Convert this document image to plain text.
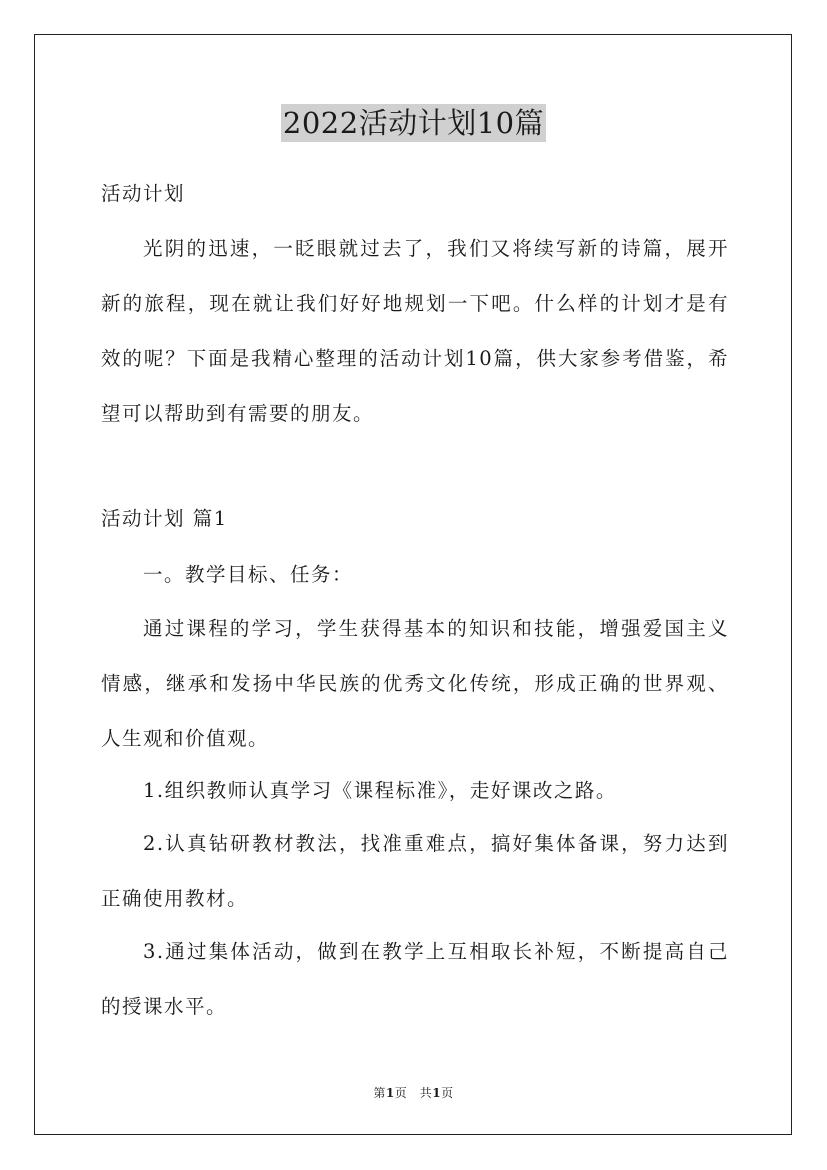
2022活动计划10篇
活动计划
光阴的迅速，一眨眼就过去了，我们又将续写新的诗篇，展开新的旅程，现在就让我们好好地规划一下吧。什么样的计划才是有效的呢？下面是我精心整理的活动计划10篇，供大家参考借鉴，希望可以帮助到有需要的朋友。
活动计划 篇1
一。教学目标、任务：
通过课程的学习，学生获得基本的知识和技能，增强爱国主义情感，继承和发扬中华民族的优秀文化传统，形成正确的世界观、人生观和价值观。
1.组织教师认真学习《课程标准》，走好课改之路。
2.认真钻研教材教法，找准重难点，搞好集体备课，努力达到正确使用教材。
3.通过集体活动，做到在教学上互相取长补短，不断提高自己的授课水平。
第1页　共1页
